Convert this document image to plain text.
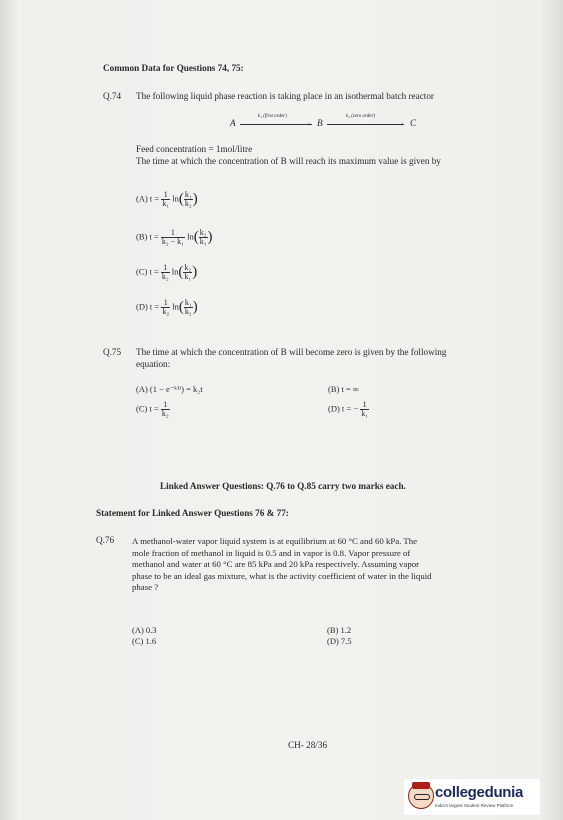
Common Data for Questions 74, 75:
Q.74 The following liquid phase reaction is taking place in an isothermal batch reactor
A
k₁ (first order)
› B
k₂ (zero order)
› C
Feed concentration = 1mol/litre
The time at which the concentration of B will reach its maximum value is given by
(A) $t = \frac{1}{\text{k₁}} \ln( \frac{\text{k₁}}{\text{k₂}}$ )
(B) $t = \frac{1}{\text{k₂ − k₁}} \ln( \frac{\text{k₂}}{\text{k₁}}$ )
(C) $t = \frac{1}{\text{k₂}} \ln( \frac{\text{k₂}}{\text{k₁}}$ )
(D) $t = \frac{1}{\text{k₂}} \ln( \frac{\text{k₁}}{\text{k₂}}$ )
Q.75 The time at which the concentration of B will become zero is given by the following
equation:
(A) (1 − e⁻ᵏ¹ᵗ) = k₂t	(B) t = ∞
(C) $t = \frac{1}{\text{k₂}}$	(D) t = − $\frac{1}{\text{k₁}}$
Linked Answer Questions: Q.76 to Q.85 carry two marks each.
Statement for Linked Answer Questions 76 & 77:
Q.76 A methanol-water vapor liquid system is at equilibrium at 60 °C and 60 kPa. The
mole fraction of methanol in liquid is 0.5 and in vapor is 0.8. Vapor pressure of
methanol and water at 60 °C are 85 kPa and 20 kPa respectively. Assuming vapor
phase to be an ideal gas mixture, what is the activity coefficient of water in the liquid
phase ?
(A) 0.3	(B) 1.2
(C) 1.6	(D) 7.5
CH- 28/36
collegedunia
India's largest Student Review Platform
